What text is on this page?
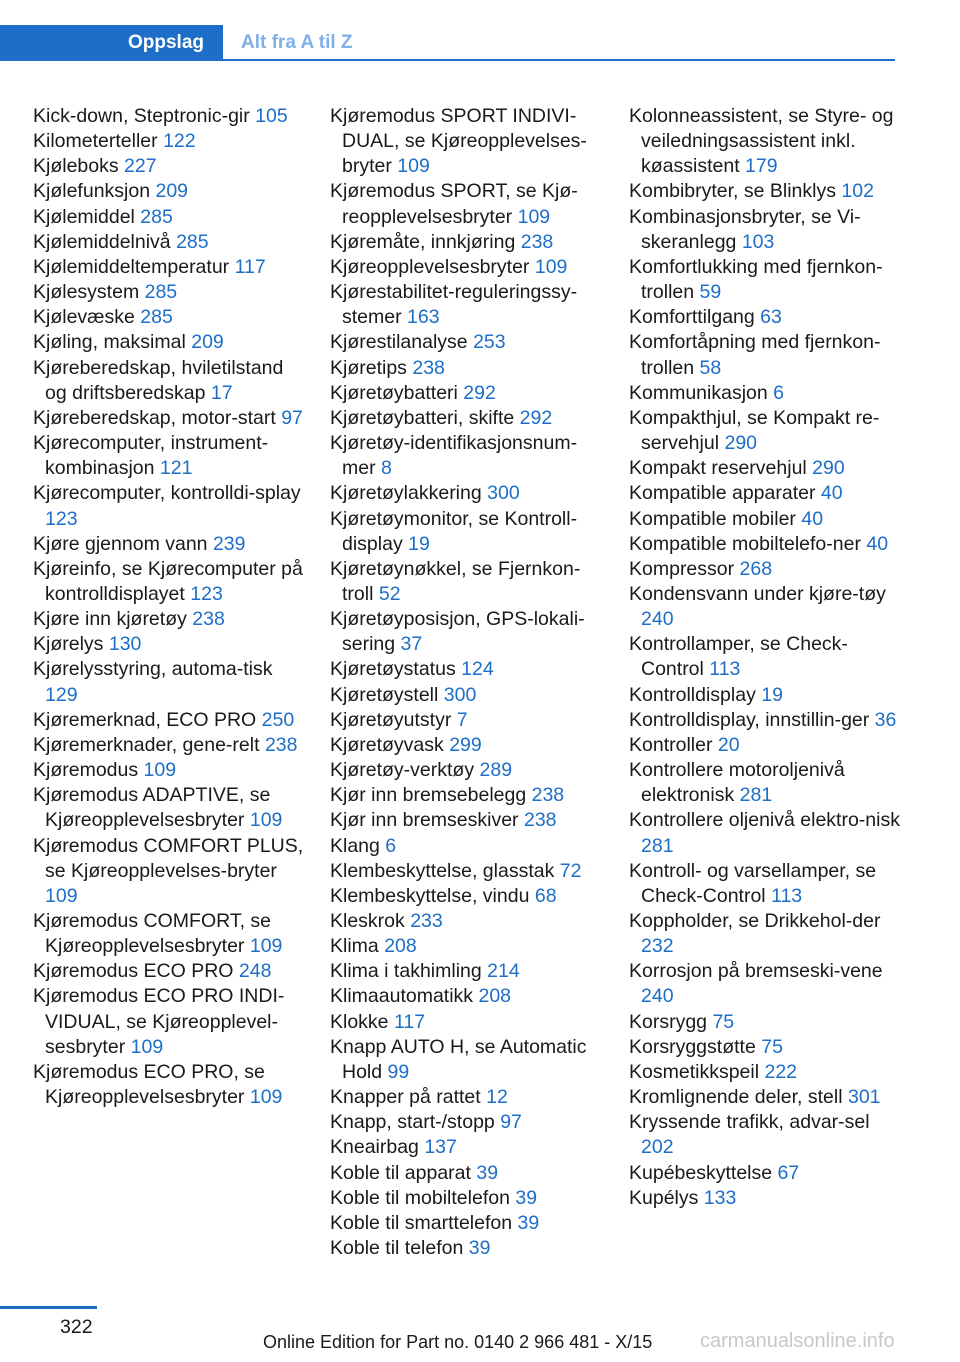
Oppslag Alt fra A til Z
Kick-down, Steptronic-gir 105
Kilometerteller 122
Kjøleboks 227
Kjølefunksjon 209
Kjølemiddel 285
Kjølemiddelnivå 285
Kjølemiddeltemperatur 117
Kjølesystem 285
Kjølevæske 285
Kjøling, maksimal 209
Kjøreberedskap, hviletilstand og driftsberedskap 17
Kjøreberedskap, motor-start 97
Kjørecomputer, instrument-kombinasjon 121
Kjørecomputer, kontrolldi-splay 123
Kjøre gjennom vann 239
Kjøreinfo, se Kjørecomputer på kontrolldisplayet 123
Kjøre inn kjøretøy 238
Kjørelys 130
Kjørelysstyring, automa-tisk 129
Kjøremerknad, ECO PRO 250
Kjøremerknader, gene-relt 238
Kjøremodus 109
Kjøremodus ADAPTIVE, se Kjøreopplevelsesbryter 109
Kjøremodus COMFORT PLUS, se Kjøreopplevelses-bryter 109
Kjøremodus COMFORT, se Kjøreopplevelsesbryter 109
Kjøremodus ECO PRO 248
Kjøremodus ECO PRO INDI-VIDUAL, se Kjøreopplevel-sesbryter 109
Kjøremodus ECO PRO, se Kjøreopplevelsesbryter 109
Kjøremodus SPORT INDIVI-DUAL, se Kjøreopplevelses-bryter 109
Kjøremodus SPORT, se Kjø-reopplevelsesbryter 109
Kjøremåte, innkjøring 238
Kjøreopplevelsesbryter 109
Kjørestabilitet-reguleringssy-stemer 163
Kjørestilanalyse 253
Kjøretips 238
Kjøretøybatteri 292
Kjøretøybatteri, skifte 292
Kjøretøy-identifikasjonsnum-mer 8
Kjøretøylakkering 300
Kjøretøymonitor, se Kontroll-display 19
Kjøretøynøkkel, se Fjernkon-troll 52
Kjøretøyposisjon, GPS-lokali-sering 37
Kjøretøystatus 124
Kjøretøystell 300
Kjøretøyutstyr 7
Kjøretøyvask 299
Kjøretøy-verktøy 289
Kjør inn bremsebelegg 238
Kjør inn bremseskiver 238
Klang 6
Klembeskyttelse, glasstak 72
Klembeskyttelse, vindu 68
Kleskrok 233
Klima 208
Klima i takhimling 214
Klimaautomatikk 208
Klokke 117
Knapp AUTO H, se Automatic Hold 99
Knapper på rattet 12
Knapp, start-/stopp 97
Kneairbag 137
Koble til apparat 39
Koble til mobiltelefon 39
Koble til smarttelefon 39
Koble til telefon 39
Kolonneassistent, se Styre- og veiledningsassistent inkl. køassistent 179
Kombibryter, se Blinklys 102
Kombinasjonsbryter, se Vi-skeranlegg 103
Komfortlukking med fjernkon-trollen 59
Komforttilgang 63
Komfortåpning med fjernkon-trollen 58
Kommunikasjon 6
Kompakthjul, se Kompakt re-servehjul 290
Kompakt reservehjul 290
Kompatible apparater 40
Kompatible mobiler 40
Kompatible mobiltelefo-ner 40
Kompressor 268
Kondensvann under kjøre-tøy 240
Kontrollamper, se Check-Control 113
Kontrolldisplay 19
Kontrolldisplay, innstillin-ger 36
Kontroller 20
Kontrollere motoroljenivå elektronisk 281
Kontrollere oljenivå elektro-nisk 281
Kontroll- og varsellamper, se Check-Control 113
Koppholder, se Drikkehol-der 232
Korrosjon på bremseski-vene 240
Korsrygg 75
Korsryggstøtte 75
Kosmetikkspeil 222
Kromlignende deler, stell 301
Kryssende trafikk, advar-sel 202
Kupébeskyttelse 67
Kupélys 133
322
Online Edition for Part no. 0140 2 966 481 - X/15 carmanualsonline.info
